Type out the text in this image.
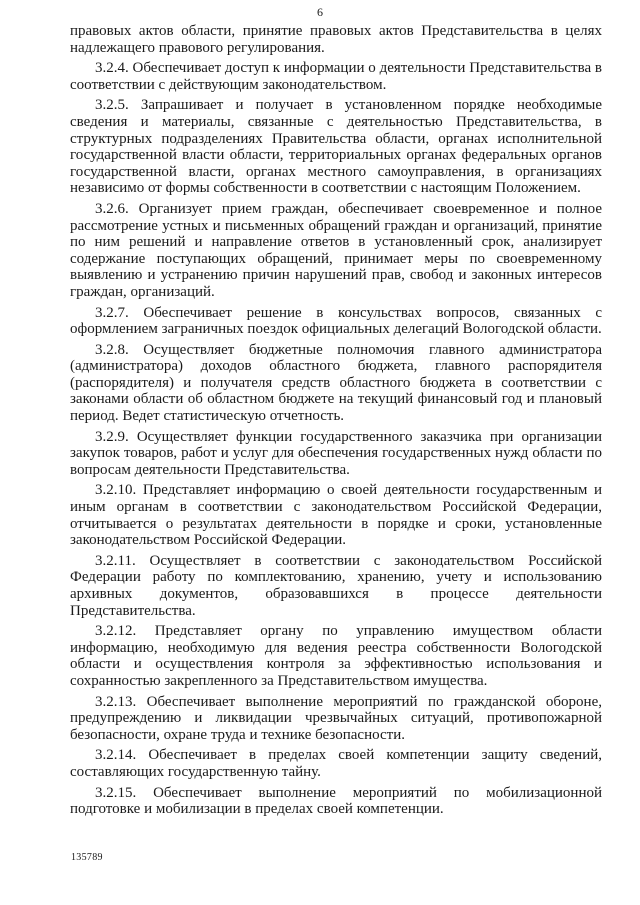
6

правовых актов области, принятие правовых актов Представительства в целях надлежащего правового регулирования.

3.2.4. Обеспечивает доступ к информации о деятельности Представительства в соответствии с действующим законодательством.

3.2.5. Запрашивает и получает в установленном порядке необходимые сведения и материалы, связанные с деятельностью Представительства, в структурных подразделениях Правительства области, органах исполнительной государственной власти области, территориальных органах федеральных органов государственной власти, органах местного самоуправления, в организациях независимо от формы собственности в соответствии с настоящим Положением.

3.2.6. Организует прием граждан, обеспечивает своевременное и полное рассмотрение устных и письменных обращений граждан и организаций, принятие по ним решений и направление ответов в установленный срок, анализирует содержание поступающих обращений, принимает меры по своевременному выявлению и устранению причин нарушений прав, свобод и законных интересов граждан, организаций.

3.2.7. Обеспечивает решение в консульствах вопросов, связанных с оформлением заграничных поездок официальных делегаций Вологодской области.

3.2.8. Осуществляет бюджетные полномочия главного администратора (администратора) доходов областного бюджета, главного распорядителя (распорядителя) и получателя средств областного бюджета в соответствии с законами области об областном бюджете на текущий финансовый год и плановый период. Ведет статистическую отчетность.

3.2.9. Осуществляет функции государственного заказчика при организации закупок товаров, работ и услуг для обеспечения государственных нужд области по вопросам деятельности Представительства.

3.2.10. Представляет информацию о своей деятельности государственным и иным органам в соответствии с законодательством Российской Федерации, отчитывается о результатах деятельности в порядке и сроки, установленные законодательством Российской Федерации.

3.2.11. Осуществляет в соответствии с законодательством Российской Федерации работу по комплектованию, хранению, учету и использованию архивных документов, образовавшихся в процессе деятельности Представительства.

3.2.12. Представляет органу по управлению имуществом области информацию, необходимую для ведения реестра собственности Вологодской области и осуществления контроля за эффективностью использования и сохранностью закрепленного за Представительством имущества.

3.2.13. Обеспечивает выполнение мероприятий по гражданской обороне, предупреждению и ликвидации чрезвычайных ситуаций, противопожарной безопасности, охране труда и технике безопасности.

3.2.14. Обеспечивает в пределах своей компетенции защиту сведений, составляющих государственную тайну.

3.2.15. Обеспечивает выполнение мероприятий по мобилизационной подготовке и мобилизации в пределах своей компетенции.

135789
